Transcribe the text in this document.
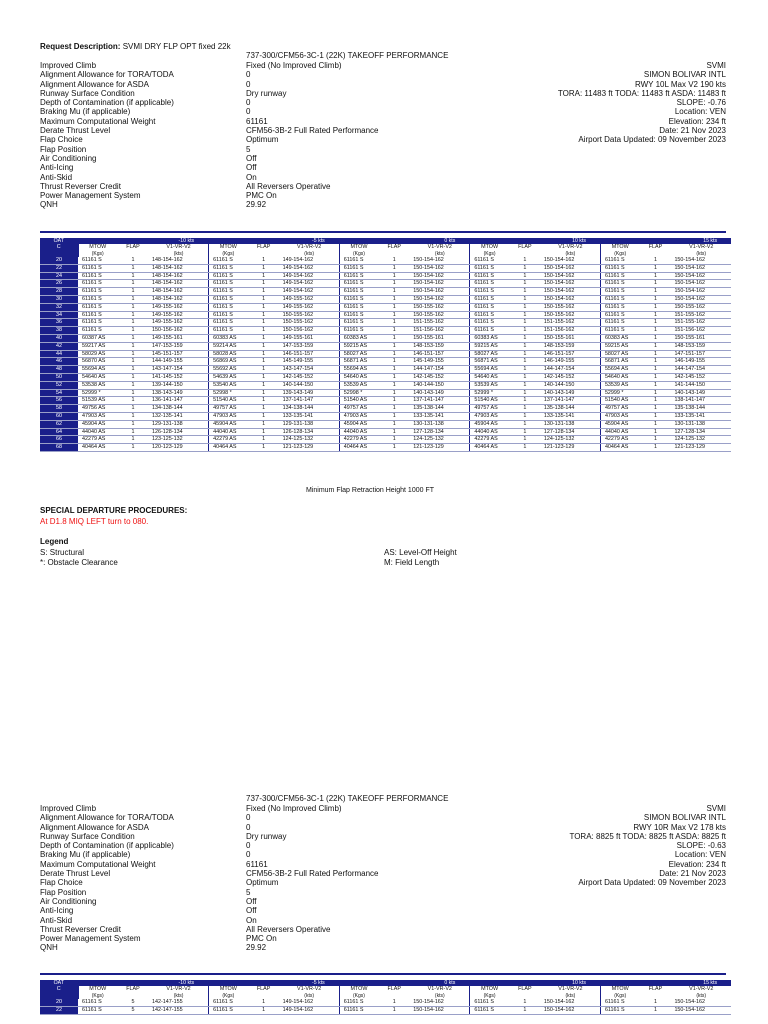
Request Description: SVMI DRY FLP OPT fixed 22k
737-300/CFM56-3C-1 (22K) TAKEOFF PERFORMANCE
Improved Climb	Fixed (No Improved Climb)
Alignment Allowance for TORA/TODA	0
Alignment Allowance for ASDA	0
Runway Surface Condition	Dry runway
Depth of Contamination (if applicable)	0
Braking Mu (if applicable)	0
Maximum Computational Weight	61161
Derate Thrust Level	CFM56-3B-2 Full Rated Performance
Flap Choice	Optimum
Flap Position	5
Air Conditioning	Off
Anti-Icing	Off
Anti-Skid	On
Thrust Reverser Credit	All Reversers Operative
Power Management System	PMC On
QNH	29.92
SVMI
SIMON BOLIVAR INTL
RWY 10L Max V2 190 kts
TORA: 11483 ft TODA: 11483 ft ASDA: 11483 ft
SLOPE: -0.76
Location: VEN
Elevation: 234 ft
Date: 21 Nov 2023
Airport Data Updated: 09 November 2023
OAT	-10 kts			-5 kts			0 kts			10 kts			15 kts		
C	MTOW	FLAP	V1-VR-V2	MTOW	FLAP	V1-VR-V2	MTOW	FLAP	V1-VR-V2	MTOW	FLAP	V1-VR-V2	MTOW	FLAP	V1-VR-V2
	(Kgs)		(kts)	(Kgs)		(kts)	(Kgs)		(kts)	(Kgs)		(kts)	(Kgs)		(kts)
20	61161 S	1	148-154-162	61161 S	1	149-154-162	61161 S	1	150-154-162	61161 S	1	150-154-162	61161 S	1	150-154-162
22	61161 S	1	148-154-162	61161 S	1	149-154-162	61161 S	1	150-154-162	61161 S	1	150-154-162	61161 S	1	150-154-162
24	61161 S	1	148-154-162	61161 S	1	149-154-162	61161 S	1	150-154-162	61161 S	1	150-154-162	61161 S	1	150-154-162
26	61161 S	1	148-154-162	61161 S	1	149-154-162	61161 S	1	150-154-162	61161 S	1	150-154-162	61161 S	1	150-154-162
28	61161 S	1	148-154-162	61161 S	1	149-154-162	61161 S	1	150-154-162	61161 S	1	150-154-162	61161 S	1	150-154-162
30	61161 S	1	148-154-162	61161 S	1	149-155-162	61161 S	1	150-154-162	61161 S	1	150-154-162	61161 S	1	150-154-162
32	61161 S	1	149-155-162	61161 S	1	149-155-162	61161 S	1	150-155-162	61161 S	1	150-155-162	61161 S	1	150-155-162
34	61161 S	1	149-155-162	61161 S	1	150-155-162	61161 S	1	150-155-162	61161 S	1	150-155-162	61161 S	1	151-155-162
36	61161 S	1	149-155-162	61161 S	1	150-155-162	61161 S	1	151-155-162	61161 S	1	151-155-162	61161 S	1	151-155-162
38	61161 S	1	150-156-162	61161 S	1	150-156-162	61161 S	1	151-156-162	61161 S	1	151-156-162	61161 S	1	151-156-162
40	60387 AS	1	149-155-161	60383 AS	1	149-155-161	60383 AS	1	150-155-161	60383 AS	1	150-155-161	60383 AS	1	150-155-161
42	59217 AS	1	147-153-159	59214 AS	1	147-153-159	59215 AS	1	148-153-159	59215 AS	1	148-153-159	59215 AS	1	148-153-159
44	58029 AS	1	145-151-157	58028 AS	1	146-151-157	58027 AS	1	146-151-157	58027 AS	1	146-151-157	58027 AS	1	147-151-157
46	56870 AS	1	144-149-155	56869 AS	1	145-149-155	56871 AS	1	145-149-155	56871 AS	1	146-149-155	56871 AS	1	146-149-155
48	55694 AS	1	143-147-154	55692 AS	1	143-147-154	55694 AS	1	144-147-154	55694 AS	1	144-147-154	55694 AS	1	144-147-154
50	54640 AS	1	141-145-152	54639 AS	1	142-145-152	54640 AS	1	142-145-152	54640 AS	1	142-145-152	54640 AS	1	142-145-152
52	53538 AS	1	139-144-150	53540 AS	1	140-144-150	53539 AS	1	140-144-150	53539 AS	1	140-144-150	53539 AS	1	141-144-150
54	52999 *	1	138-143-149	52998 *	1	139-143-149	52998 *	1	140-143-149	52999 *	1	140-143-149	52999 *	1	140-143-149
56	51539 AS	1	136-141-147	51540 AS	1	137-141-147	51540 AS	1	137-141-147	51540 AS	1	137-141-147	51540 AS	1	138-141-147
58	49756 AS	1	134-138-144	49757 AS	1	134-138-144	49757 AS	1	135-138-144	49757 AS	1	135-138-144	49757 AS	1	135-138-144
60	47903 AS	1	132-135-141	47903 AS	1	133-135-141	47903 AS	1	133-135-141	47903 AS	1	133-135-141	47903 AS	1	133-135-141
62	45904 AS	1	129-131-138	45904 AS	1	129-131-138	45904 AS	1	130-131-138	45904 AS	1	130-131-138	45904 AS	1	130-131-138
64	44040 AS	1	126-128-134	44040 AS	1	126-128-134	44040 AS	1	127-128-134	44040 AS	1	127-128-134	44040 AS	1	127-128-134
66	42279 AS	1	123-125-132	42279 AS	1	124-125-132	42279 AS	1	124-125-132	42279 AS	1	124-125-132	42279 AS	1	124-125-132
68	40464 AS	1	120-123-129	40464 AS	1	121-123-129	40464 AS	1	121-123-129	40464 AS	1	121-123-129	40464 AS	1	121-123-129
Minimum Flap Retraction Height 1000 FT
SPECIAL DEPARTURE PROCEDURES:
At D1.8 MIQ LEFT turn to 080.
Legend
S: Structural
*: Obstacle Clearance
AS: Level-Off Height
M: Field Length
737-300/CFM56-3C-1 (22K) TAKEOFF PERFORMANCE
Improved Climb	Fixed (No Improved Climb)
Alignment Allowance for TORA/TODA	0
Alignment Allowance for ASDA	0
Runway Surface Condition	Dry runway
Depth of Contamination (if applicable)	0
Braking Mu (if applicable)	0
Maximum Computational Weight	61161
Derate Thrust Level	CFM56-3B-2 Full Rated Performance
Flap Choice	Optimum
Flap Position	5
Air Conditioning	Off
Anti-Icing	Off
Anti-Skid	On
Thrust Reverser Credit	All Reversers Operative
Power Management System	PMC On
QNH	29.92
SVMI
SIMON BOLIVAR INTL
RWY 10R Max V2 178 kts
TORA: 8825 ft TODA: 8825 ft ASDA: 8825 ft
SLOPE: -0.63
Location: VEN
Elevation: 234 ft
Date: 21 Nov 2023
Airport Data Updated: 09 November 2023
OAT	-10 kts			-5 kts			0 kts			10 kts			15 kts		
C	MTOW	FLAP	V1-VR-V2	MTOW	FLAP	V1-VR-V2	MTOW	FLAP	V1-VR-V2	MTOW	FLAP	V1-VR-V2	MTOW	FLAP	V1-VR-V2
	(Kgs)		(kts)	(Kgs)		(kts)	(Kgs)		(kts)	(Kgs)		(kts)	(Kgs)		(kts)
20	61161 S	5	142-147-155	61161 S	1	149-154-162	61161 S	1	150-154-162	61161 S	1	150-154-162	61161 S	1	150-154-162
22	61161 S	5	142-147-155	61161 S	1	149-154-162	61161 S	1	150-154-162	61161 S	1	150-154-162	61161 S	1	150-154-162
